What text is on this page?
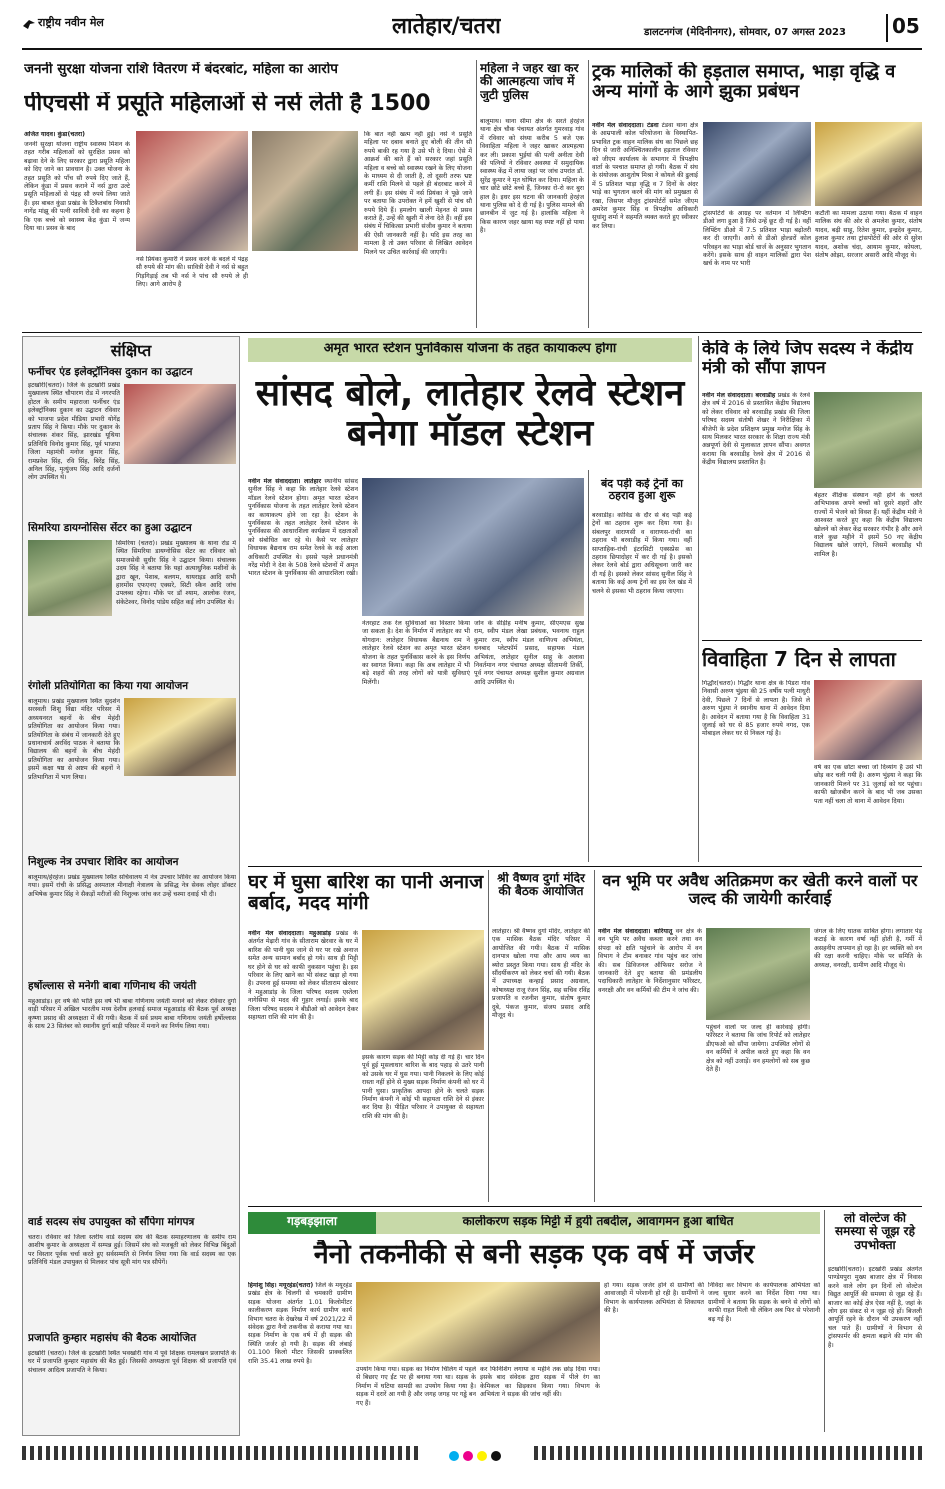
राष्ट्रीय नवीन मेल	लातेहार/चतरा	डालटनगंज (मेदिनीनगर), सोमवार, 07 अगस्त 2023 05
जननी सुरक्षा योजना राशि वितरण में बंदरबांट, महिला का आरोप
पीएचसी में प्रसूति महिलाओं से नर्स लेती है 1500
अजित यादव। कुंडा(चतरा)
जननी सुरक्षा योजना राष्ट्रीय स्वास्थ्य मिशन के तहत गरीब महिलाओं को सुरक्षित प्रसव को बढ़ावा देने के लिए सरकार द्वारा प्रसूति महिला को दिए जाने का प्रावधान है। उक्त योजना के तहत प्रसूति को पाँच सौ रुपये दिए जाते हैं, लेकिन कुंडा में प्रसव कराने में नर्स द्वारा उल्टे प्रसूति महिलाओं से पंद्रह सौ रुपये लिया जाते हैं। इस बाबत कुंडा प्रखंड के टिकैतबांध निवासी नागेंद्र मांझू की पत्नी सावित्री देवी का कहना है कि एक बच्चे को स्वास्थ्य केंद्र कुंडा में जन्म दिया था। प्रसव के बाद
नर्स प्रियंका कुमारी ने प्रसव करने के बदले में पंद्रह सौ रुपये की मांग की। सावित्री देवी ने नर्स से बहुत गिड़गिड़ाई तब भी नर्स ने पांच सौ रुपये ले ही लिए। आगे आरोप है
कि बात नहीं खत्म नहीं हुई। नर्स ने प्रसूति महिला पर दबाव बनाते हुए बोली की तीन सौ रुपये बाकी रह गया है उसे भी दे दिया। ऐसे में आक्रर्श की बाते हैं को सरकार जहां प्रसूति महिला व बच्चे को स्वास्थ्य रखने के लिए योजना के माध्यम से दी जाती है, तो दूसरी तरफ भ्रष्ट कर्मी राशि मिलने से पहले ही बंदरबाट करने में लगी हैं। इस संबंध में नर्स प्रियंका ने पूछे जाने पर बताया कि उपरोक्त ने हमें खुशी से पांच सौ रुपये दिये हैं। हमलोग खाली मेहनत से प्रसव कराते हैं, उन्हें की खुशी में लेना देते हैं। वहीं इस संबंध में चिकित्सा प्रभारी संजीव कुमार ने बताया की ऐसी जानकारी नहीं है। यदि इस तरह का मामला है तो उक्त परिवार से लिखित आवेदन मिलने पर उचित कार्रवाई की जाएगी।
महिला ने जहर खा कर की आत्महत्या जांच में जुटी पुलिस
बालूमाथ। थाना सीमा क्षेत्र के सरते हेरहंज थाना क्षेत्र चौक पंचायत अंतर्गत गुमरवाड़ गांव में रविवार को संध्या करीब 5 बजे एक विवाहिता महिला ने जहर खाकर आत्महत्या कर ली। प्रकाश भुईयां की पत्नी अनीता देवी की पत्नियों ने रविवार अवस्था में समुदायिक स्वास्थ्य केंद्र में लाया जहां पर जांच उपरांत डॉ. सुरेंद्र कुमार ने मृत घोषित कर दिया। महिला के चार छोटे छोटे बच्चे हैं, जिनका रो-रो कर बुरा हाल है। इधर इस घटना की जानकारी हेरहंज थाना पुलिस को दे दी गई है। पुलिस मामले की छानबीन में जुट गई है। हालांकि महिला ने किस कारण जहर खाया यह स्पष्ट नहीं हो पाया है।
ट्रक मालिकों की हड़ताल समाप्त, भाड़ा वृद्धि व अन्य मांगों के आगे झुका प्रबंधन
नवीन मेल संवाददाता। टंडवा टंडवा थाना क्षेत्र के आम्रपाली कोल परियोजना के विस्थापित-प्रभावित ट्रक वाहन मालिक संघ का पिछले छह दिन से जारी अनिश्चितकालीन हड़ताल रविवार को जीएम कार्यालय के सभागार में त्रिपक्षीय वार्ता के पश्चात समाप्त हो गयी। बैठक में संघ के संयोजक आशुतोष मिश्रा ने कोयले की ढुलाई में 5 प्रतिशत भाड़ा वृद्धि व 7 दिनों के अंदर भाड़े का भुगतान करने की मांग को प्रमुखता से रखा, जिसपर मौजूद ट्रांसपोर्टरों समेत जीएम अमरेश कुमार सिंह व त्रिपक्षीय अधिकारी सुधांशु शर्मा ने सहमति व्यक्त करते हुए स्वीकार कर लिया।
ट्रांसपोर्टरों के आग्रह पर वर्तमान में लिफ्टिंग डीओ लगा हुआ है जिसे उन्हें छूट दी गई है। वहीं लिफ्टिंग डीओ में 7.5 प्रतिशत भाड़ा बढ़ोतरी कर दी जाएगी। आगे से डीओ होल्डरों कोल परिवहन का भाड़ा बोर्ड चार्ज के अनुसार भुगतान करेंगे। इसके साथ ही वाहन मालिकों द्वारा पेश खर्च के नाम पर भारी
कटौती का मामला उठाया गया। बैठक में वाहन मालिक संघ की ओर से अमलेश कुमार, संतोष यादव, बढ़ी साहू, रितेश कुमार, इन्द्रदेव कुमार, हुलाश कुमार तथा ट्रांसपोर्टरों की ओर से सुरेश यादव, अशोक चंदा, आयाम कुमार, कोयला, संतोष ओझा, सरजार असारी आदि मौजूद थे।
संक्षिप्त
फर्नीचर एंड इलेक्ट्रॉनिक्स दुकान का उद्घाटन
इटखोरी(चतरा)। जिले के इटखोरी प्रखंड मुख्यालय स्थित चौपारण रोड में नगरपति होटल के समीप महाराजा फर्नीचर एंड इलेक्ट्रॉनिक्स दुकान का उद्घाटन रविवार को भाजपा प्रदेश मीडिया प्रभारी योगेंद्र प्रताप सिंह ने किया। मौके पर दुकान के संचालक शंकर सिंह, झारखंड यूथिया प्रतिनिधि विनोद कुमार सिंह, पूर्व भाजपा जिला महामंत्री मनोज कुमार सिंह, रामप्रवेश सिंह, रवि सिंह, बिरेंद्र सिंह, अनिल सिंह, मृत्युंजय सिंह आदि दर्जनों लोग उपस्थित थे।
सिमरिया डायग्नोसिस सेंटर का हुआ उद्घाटन
सिमरिया (चतरा)। प्रखंड मुख्यालय के थाना रोड में स्थित सिमरिया डायग्नोसिस सेंटर का रविवार को समाजसेवी सुधीर सिंह ने उद्घाटन किया। संचालक उदय सिंह ने बताया कि यहां अत्याधुनिक मशीनों के द्वारा खून, पेशाब, बलगम, थायराइड आदि सभी हारमोंस एफएनए एक्सरे, सिटी स्कैन आदि जांच उपलब्ध रहेगा। मौके पर डॉ श्याम, आलोक रंजन, संकेटेश्वर, विनोद पांडेय सहित कई लोग उपस्थित थे।
रंगोली प्रतियोगिता का किया गया आयोजन
बालूमाथ। प्रखंड मुख्यालय स्थित सुदर्शन सरस्वती शिशु विद्या मंदिर परिसर में अध्ययनरत बहनों के बीच मेहंदी प्रतियोगिता का आयोजन किया गया। प्रतियोगिता के संबंध में जानकारी देते हुए प्रधानाचार्य अरविंद पाठक ने बताया कि विद्यालय की बहनों के बीच मेहंदी प्रतियोगिता का आयोजन किया गया। इसमें कक्षा षष्ठ से अष्टम की बहनों ने प्रतिभागिता में भाग लिया।
निशुल्क नेत्र उपचार शिविर का आयोजन
बालूमाथ/हेरहंज। प्रखंड मुख्यालय स्थित सचिवालय में नेत्र उपचार शिविर का आयोजन किया गया। इसमें रांची के प्रसिद्ध अस्पताल मीनाक्षी नेत्रालय के प्रसिद्ध नेत्र सेवक लोहर डॉक्टर अभिषेक कुमार सिंह ने सैकड़ों मरीजों की निशुल्क जांच कर उन्हें चश्मा दवाई भी दी।
हर्षोल्लास से मनेगी बाबा गणिनाथ की जयंती
महुआडांड़। हर वर्ष की भांति इस वर्ष भी बाबा गणिनाथ जयंती मनाने को लेकर रविवार दुर्गा वाड़ी परिसर में अखिल भारतीय मध्य देशीय हलवाई समाज महुआडांड़ की बैठक पूर्व अध्यक्ष कृष्णा प्रसाद की अध्यक्षता में की गयी। बैठक में सर्व प्रथम बाबा गणिनाथ जयंती हर्षोल्लास के साथ 23 सितंबर को स्थानीय दुर्गा बाड़ी परिसर में मनाने का निर्णय लिया गया।
वार्ड सदस्य संघ उपायुक्त को सौंपेगा मांगपत्र
चतरा। रविवार को जिला स्तरीय वार्ड सदस्य संघ की बैठक समाहरणालय के समीप राम आशीष कुमार के अध्यक्षता में सम्पन्न हुई। जिसमें संघ को मजबूती को लेकर विभिन्न बिंदुओं पर विस्तार पूर्वक चर्चा करते हुए सर्वसम्मति से निर्णय लिया गया कि वार्ड सदस्य का एक प्रतिनिधि मंडल उपायुक्त से मिलकर पांच सूत्री मांग पत्र सौपेगें।
प्रजापति कुम्हार महासंघ की बैठक आयोजित
इटखोरी (चतरा)। जिले के इटखोरी स्थित भवखोरी गांव में पूर्व शिक्षक रामलखन प्रजापति के घर में प्रजापति कुम्हार महासंघ की बैठ हुई। जिसकी अध्यक्षता पूर्व शिक्षक श्री प्रजापति एवं संचालन आदित्य प्रजापति ने किया।
अमृत भारत स्टेशन पुनर्विकास योजना के तहत कायाकल्प होगा
सांसद बोले, लातेहार रेलवे स्टेशन बनेगा मॉडल स्टेशन
नवीन मेल संवाददाता। लातेहार स्थानीय सांसद सुनील सिंह ने कहा कि लातेहार रेलवे स्टेशन मॉडल रेलवे स्टेशन होगा। अमृत भारत स्टेशन पुनर्विकास योजना के तहत लातेहार रेलवे स्टेशन का कायाकल्प होने जा रहा है। स्टेशन के पुनर्विकास के तहत लातेहार रेलवे स्टेशन के पुनर्विकास की आधारशिला कार्यक्रम में दक्षताओं को संबोधित कर रहे थे। कैसे पर लातेहार विधायक बैद्यनाथ राम समेत रेलवे के कई आला अधिकारी उपस्थित थे। इससे पहले प्रधानमंत्री नरेंद्र मोदी ने देश के 508 रेलवे स्टेशनों में अमृत भारत स्टेशन के पुनर्विकास की आधारशिला रखी।
नेतरहाट तक रेल सुविधाओं का विस्तार किया जा सकता है। देश के निर्माण में लातेहार का भी योगदान: लातेहार विधायक बैद्यनाथ राम ने लातेहार रेलवे स्टेशन का अमृत भारत स्टेशन योजना के तहत पुनर्विकास करने के इस निर्णय का स्वागत किया। कहा कि अब लातेहार में भी बड़े शहरों की तरह लोगों को यात्री सुविधाएं मिलेंगी।
जोन के सीड़ीह मनीष कुमार, सीएमएस सुख राम, स्वीप मंडल लेखा प्रबंधक, भवनाथ राहुल कुमार राम, स्वीप मंडल वाणिज्य अभियंता, धनबाद प्लेटफॉर्म प्रसाद, सहायक मंडल अभियंता, लातेहार सुनील साहू के अलावा निवर्तमान नगर पंचायत अध्यक्ष सीतामनी तिर्की, पूर्व नगर पंचायत अध्यक्ष सुशील कुमार अग्रवाल आदि उपस्थित थे।
बंद पड़ी कई ट्रेनों का ठहराव हुआ शुरू
बरवाडीह। कोविड के दौर से बंद पड़ी कई ट्रेनों का ठहराव शुरू कर दिया गया है। संबलपुर वाराणसी व वाराणस-रांची का ठहराव भी बरवाडीह में किया गया। वहीं साप्ताहिक-रांची इंटरसिटी एक्सप्रेस का ठहराव छिपादोहर में कर दी गई है। इसको लेकर रेलवे बोर्ड द्वारा अधिसूचना जारी कर दी गई है। इसको लेकर सांसद सुनील सिंह ने बताया कि कई अन्य ट्रेनों का इस रेल खंड में चलने से इसका भी ठहराव किया जाएगा।
केवि के लिये जिप सदस्य ने केंद्रीय मंत्री को सौंपा ज्ञापन
नवीन मेल संवाददाता। बरवाडीह प्रखंड के रेलवे क्षेत्र वर्ष में 2016 से प्रस्तावित केंद्रीय विद्यालय को लेकर रविवार को बरवाडीह प्रखंड की जिला परिषद सदस्य संतोषी शेखर ने निरीक्षिका में बीजेपी के प्रदेश प्रशिक्षण प्रमुख मनोज सिंह के साथ मिलकर भारत सरकार के शिक्षा राज्य मंत्री अन्नपूर्णा देवी से मुलाकात ज्ञापन सौंपा। अवगत कराया कि बरवाडीह रेलवे क्षेत्र में 2016 से केंद्रीय विद्यालय प्रस्तावित है।
बेहतर शैक्षिक संस्थान नहीं होने के चलते अभिभावक अपने बच्चों को दूसरे शहरों और राज्यों में भेजने को विवश हैं। यहीं केंद्रीय मंत्री ने आश्वस्त करते हुए कहा कि केंद्रीय विद्यालय खोलने को लेकर केंद्र सरकार गंभीर है और आने वाले कुछ महीने में इसमें 50 नए केंद्रीय विद्यालय खोले जाएंगे, जिसमें बरवाडीह भी शामिल है।
विवाहिता 7 दिन से लापता
गिद्धौर(चतरा)। गिद्धौर थाना क्षेत्र के पिंडरा गांव निवासी अरुण भुंइया की 25 वर्षीय पत्नी माधुरी देवी, पिछले 7 दिनों से लापता है। जिसे ले अरुण भुंइया ने स्थानीय थाना में आवेदन दिया है। आवेदन में बताया गया है कि विवाहिता 31 जुलाई को घर से 85 हजार रुपये नगद, एक मोबाइल लेकर घर से निकल गई है।
वर्ष का एक छोटा बच्चा जो दिव्यांग है उसे भी छोड़ कर चली गयी है। अरुण भुंइया ने कहा कि जानकारी मिलने पर 31 जुलाई को घर पहुंचा। काफी खोजबीन करने के बाद भी जब उसका पता नहीं चला तो थाना में आवेदन दिया।
घर में घुसा बारिश का पानी अनाज बर्बाद, मदद मांगी
नवीन मेल संवाददाता। महुआडांड़ प्रखंड के अंतर्गत मेढ़ारी गांव के सीताराम खेरवार के घर में बारिश की पानी घुस जाने से घर पर रखे अनाज समेत अन्य सामान बर्बाद हो गये। साथ ही मिट्टी घर होने से घर को काफी नुकसान पहुंचा है। इस परिवार के लिए खाने का भी संकट खड़ा हो गया है। उपरना हुई समस्या को लेकर सीताराम खेरवार ने महुआडांड़ के जिला परिषद सदस्य एस्तेला नागेसिया से मदद की गुहार लगाई। इसके बाद जिला परिषद सदस्य ने बीडीओ को आवेदन देकर सहायता राशि की मांग की है।
इसके कारण सड़क की मिट्टी कोड़ दी गई है। चार दिन पूर्व हुई मूसलाधार बारिश के बाद पहाड़ से उतरे पानी को उसके घर में घुस गया। पानी निकलने के लिए कोई रास्ता नहीं होने से मुख्य सड़क निर्माण कंपनी को घर में पानी घुसा। प्राकृतिक आपदा होने के चलते सड़क निर्माण कंपनी ने कोई भी सहायता राशि देने से इंकार कर दिया है। पीड़ित परिवार ने उपायुक्त से सहायता राशि की मांग की है।
श्री वैष्णव दुर्गा मंदिर की बैठक आयोजित
लातेहार। श्री वैष्णव दुर्गा मंदिर, लातेहार की एक मासिक बैठक मंदिर परिसर में आयोजित की गयी। बैठक में मासिक दानपात्र खोला गया और आय व्यय का ब्योरा प्रस्तुत किया गया। साथ ही मंदिर के सौंदर्यीकरण को लेकर चर्चा की गयी। बैठक में उपाध्यक्ष कन्हाई प्रसाद अग्रवाल, कोषाध्यक्ष राजू रंजन सिंह, सह सचिव रविंद्र प्रजापति व रजनीश कुमार, संतोष कुमार दुबे, पंकज कुमार, संजय प्रसाद आदि मौजूद थे।
वन भूमि पर अवैध अतिक्रमण कर खेती करने वालों पर जल्द की जायेगी कार्रवाई
नवीन मेल संवाददाता। बारियातू वन क्षेत्र के वन भूमि पर अवैध कब्जा करने तथा वन संपदा को क्षति पहुंचाने के आरोप में वन विभाग ने टीम बनाकर गांव पहुंच कर जांच की। सब डिविजनल ऑफिसर सरोज ने जानकारी देते हुए बताया की प्रमंडलीय पदाधिकारी लातेहार के निर्देशानुसार फॉरेस्टर, वनरक्षी और वन कर्मियों की टीम ने जांच की।
पहुंचने वालों पर जल्द ही कार्रवाई होगी। फॉरेस्टर ने बताया कि जांच रिपोर्ट को लातेहार डीएफओ को सौंपा जायेगा। उपस्थित लोगों से वन कर्मियों ने अपील करते हुए कहा कि वन क्षेत्र को नहीं उजाड़ें। वन हमलोगों को सब कुछ देते हैं।
जंगल के लिए घातक साबित होगा। लगातार पेड़ कटाई के कारण वर्षा नहीं होती है, गर्मी में असहनीय तापमान हो रहा है। हर व्यक्ति को वन की रक्षा करनी चाहिए। मौके पर समिति के अध्यक्ष, वनरक्षी, ग्रामीण आदि मौजूद थे।
गड़बड़झाला	कालीकरण सड़क मिट्टी में हुयी तबदील, आवागमन हुआ बाधित
नैनो तकनीकी से बनी सड़क एक वर्ष में जर्जर
हिमांशु सिंह। मयूरहंड(चतरा) जिले के मयूरहंड प्रखंड क्षेत्र के चिलगी से चमकारी ग्रामीण सड़क योजना अंतर्गत 1.01 किलोमीटर कालीकरण सड़क निर्माण कार्य ग्रामीण कार्य विभाग चतरा के देखरेख में वर्ष 2021/22 में संवेदक द्वारा नैनो तकनीक से कराया गया था। सड़क निर्माण के एक वर्ष में ही सड़क की स्थिति जर्जर हो गयी है। सड़क की लंबाई 01.100 किलो मीटर जिसकी प्राक्कलित राशि 35.41 लाख रुपये है।
उपयोग किया गया। सड़क का निर्माण चिलिंग में पहले से बिछाए गए ईंट पर ही बनाया गया था। सड़क के निर्माण में घटिया सामग्री का उपयोग किया गया है। सड़क में दरारें आ गयी है और जगह जगह पर गड्ढे बन गए हैं।
कर फिनिशिंग लगाया व महीने तक छोड़ दिया गया। इसके बाद संवेदक द्वारा सड़क में पीले रंग का केमिकल का छिड़काव किया गया। विभाग के अभियंता ने सड़क की जांच नहीं की।
हो गया। सड़क जर्जर होने से ग्रामीणों की आवाजाही में परेशानी हो रही है। ग्रामीणों ने विभाग के कार्यपालक अभियंता से शिकायत की है।
निविदा कर विभाग के कार्यपालक अभियंता को जल्द सुधार करने का निर्देश दिया गया था। ग्रामीणों ने बताया कि सड़क के बनने से लोगों को काफी राहत मिली थी लेकिन अब फिर से परेशानी बढ़ गई है।
लो वोल्टेज की समस्या से जूझ रहे उपभोक्ता
इटखोरी(चतरा)। इटखोरी प्रखंड अंतर्गत पाण्डेयपुरा मुख्य बाजार क्षेत्र में निवास करने वाले लोग इन दिनों लो वोल्टेज विद्युत आपूर्ति की समस्या से जूझ रहे हैं। बाजार का कोई क्षेत्र ऐसा नहीं है, जहां के लोग इस संकट से न जूझ रहे हों। बिजली आपूर्ति रहने के दौरान भी उपकरण नहीं चल पाते हैं। ग्रामीणों ने विभाग से ट्रांसफार्मर की क्षमता बढ़ाने की मांग की है।
